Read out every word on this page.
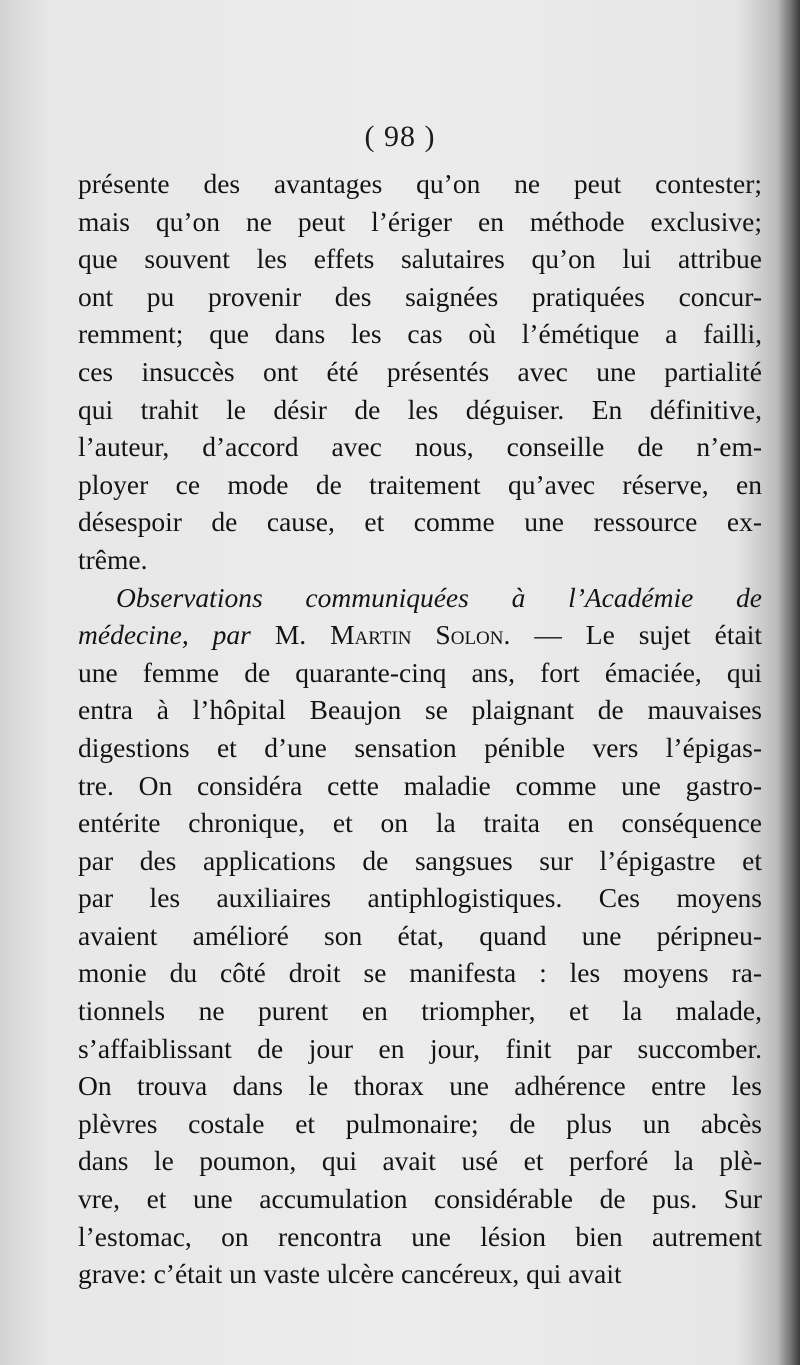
( 98 )
présente des avantages qu’on ne peut contester;
mais qu’on ne peut l’ériger en méthode exclusive;
que souvent les effets salutaires qu’on lui attribue
ont pu provenir des saignées pratiquées concur-
remment; que dans les cas où l’émétique a failli,
ces insuccès ont été présentés avec une partialité
qui trahit le désir de les déguiser. En définitive,
l’auteur, d’accord avec nous, conseille de n’em-
ployer ce mode de traitement qu’avec réserve, en
désespoir de cause, et comme une ressource ex-
trême.
Observations communiquées à l’Académie de
médecine, par M. Martin Solon. — Le sujet était
une femme de quarante-cinq ans, fort émaciée, qui
entra à l’hôpital Beaujon se plaignant de mauvaises
digestions et d’une sensation pénible vers l’épigas-
tre. On considéra cette maladie comme une gastro-
entérite chronique, et on la traita en conséquence
par des applications de sangsues sur l’épigastre et
par les auxiliaires antiphlogistiques. Ces moyens
avaient amélioré son état, quand une péripneu-
monie du côté droit se manifesta : les moyens ra-
tionnels ne purent en triompher, et la malade,
s’affaiblissant de jour en jour, finit par succomber.
On trouva dans le thorax une adhérence entre les
plèvres costale et pulmonaire; de plus un abcès
dans le poumon, qui avait usé et perforé la plè-
vre, et une accumulation considérable de pus. Sur
l’estomac, on rencontra une lésion bien autrement
grave: c’était un vaste ulcère cancéreux, qui avait
